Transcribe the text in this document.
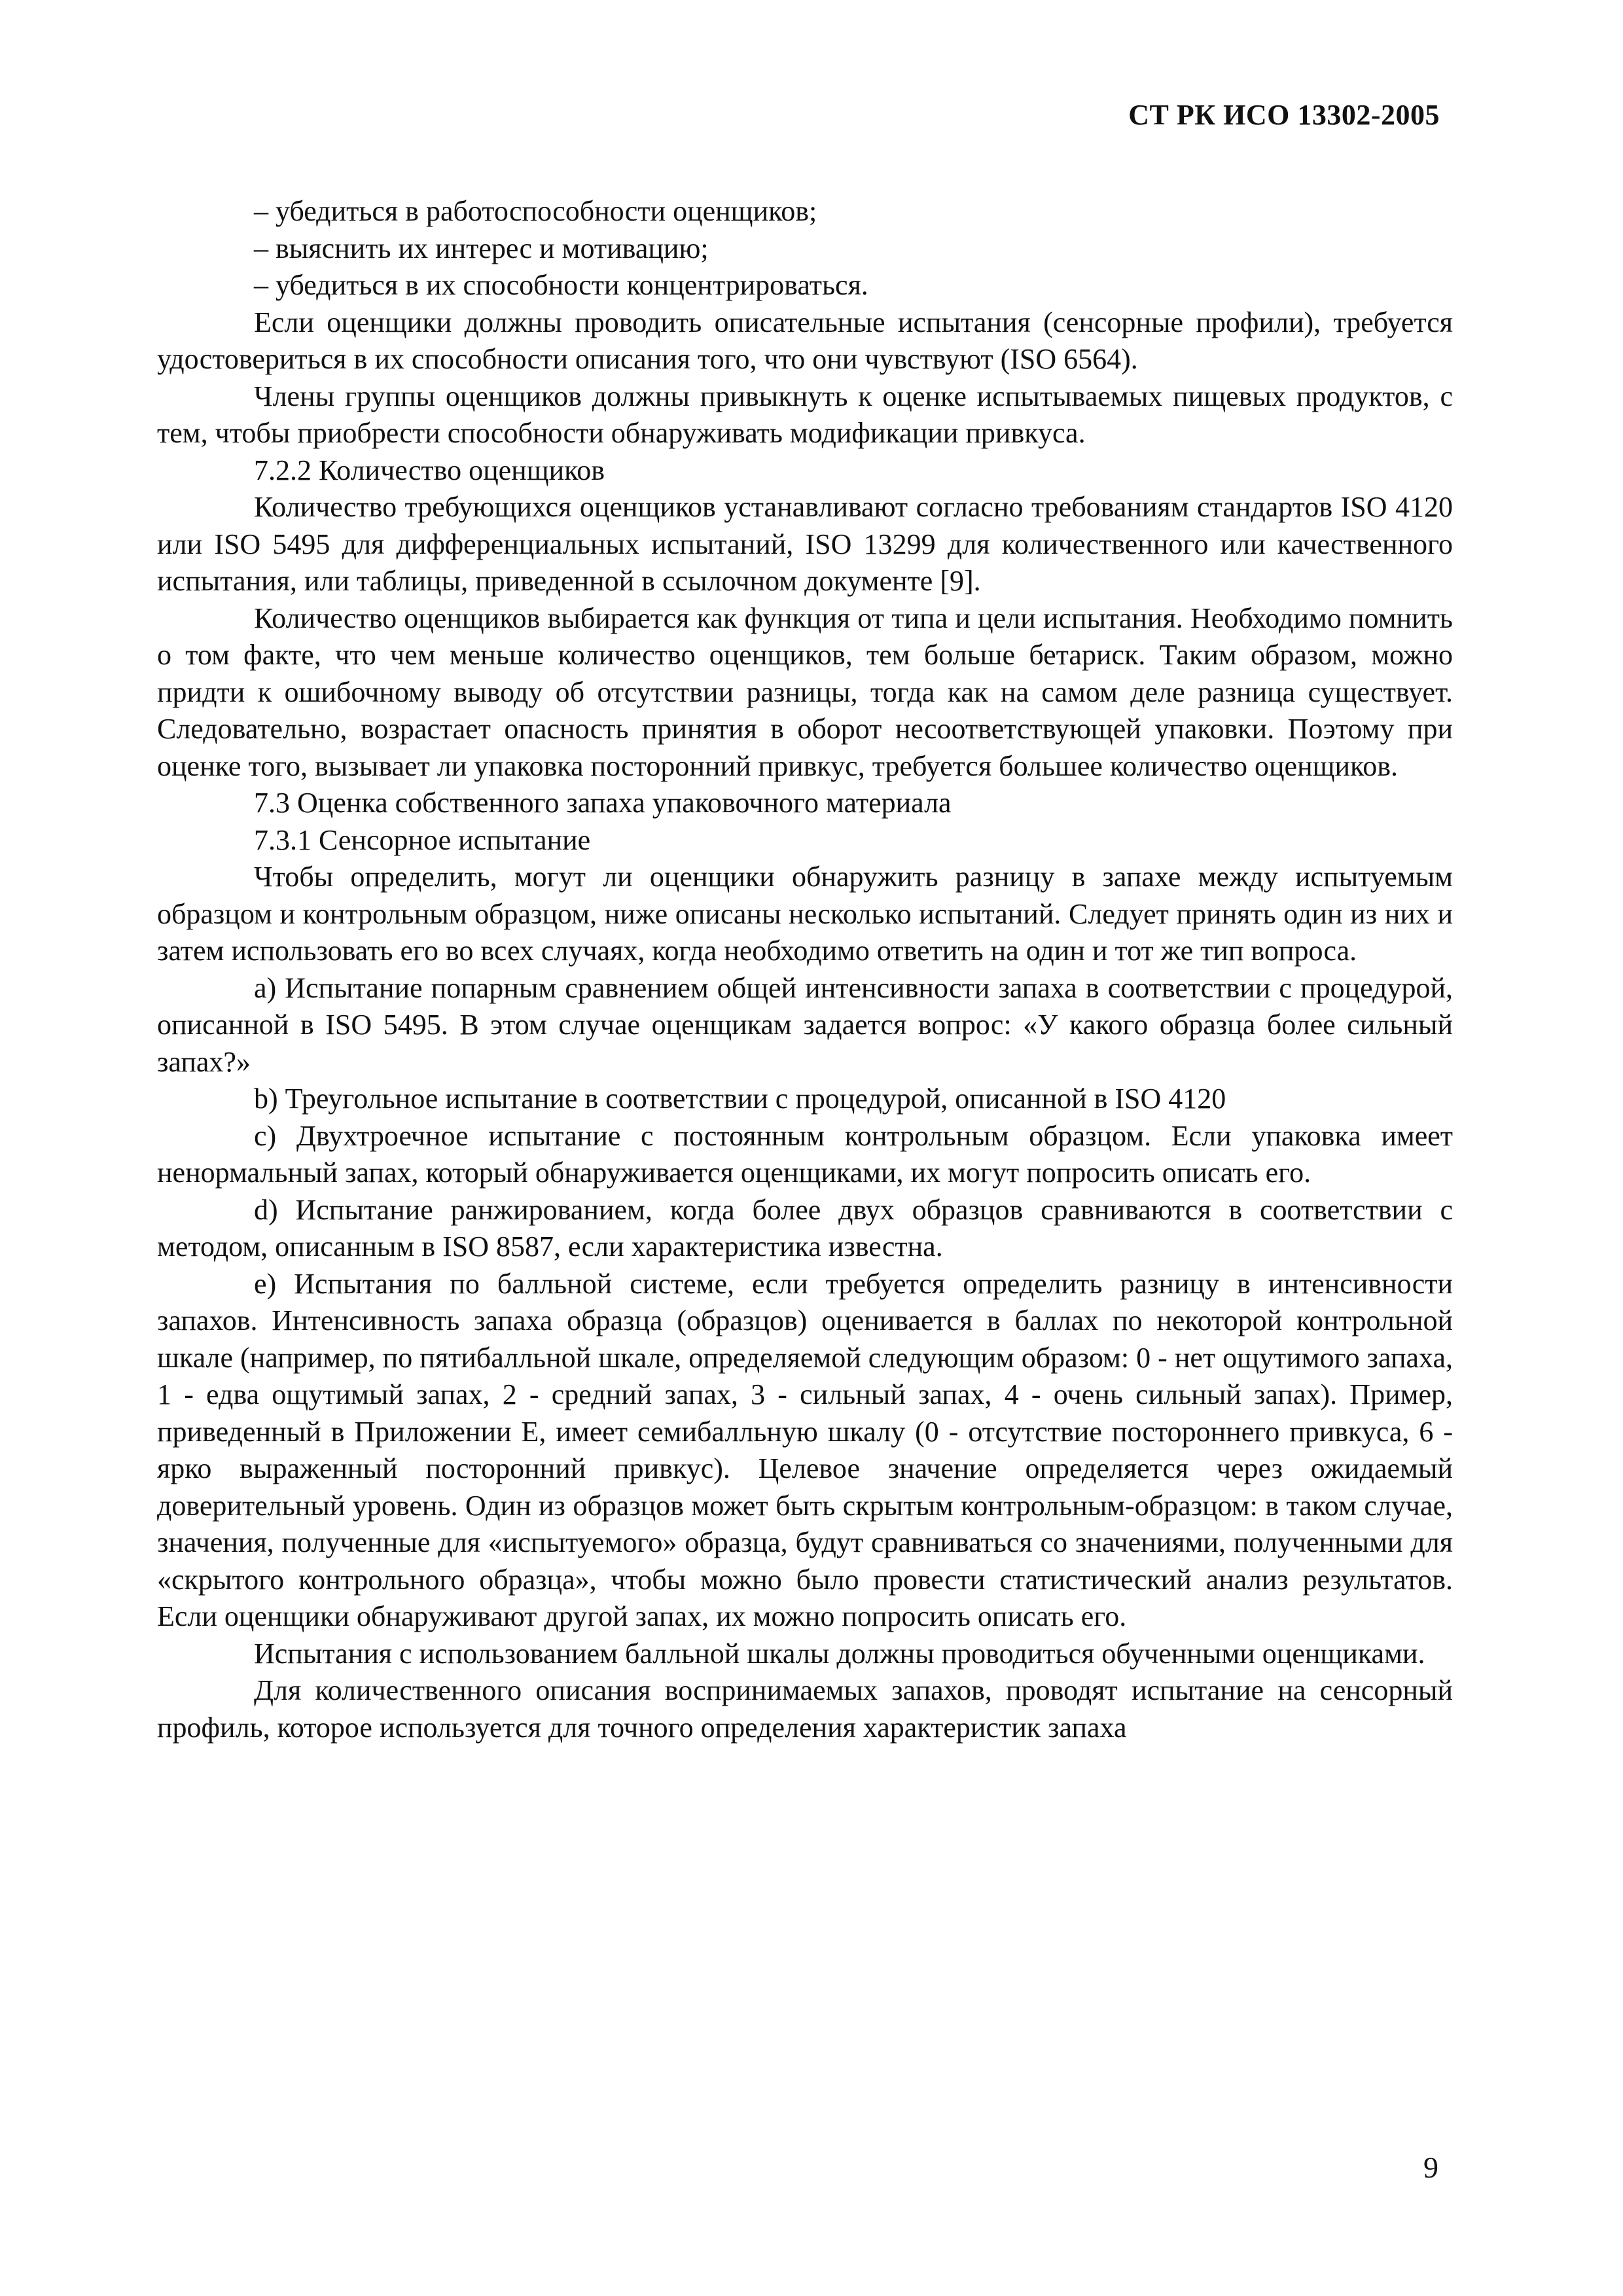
СТ РК ИСО 13302-2005

– убедиться в работоспособности оценщиков;

– выяснить их интерес и мотивацию;

– убедиться в их способности концентрироваться.

Если оценщики должны проводить описательные испытания (сенсорные профили), требуется удостовериться в их способности описания того, что они чувствуют (ISO 6564).

Члены группы оценщиков должны привыкнуть к оценке испытываемых пищевых продуктов, с тем, чтобы приобрести способности обнаруживать модификации привкуса.

7.2.2 Количество оценщиков

Количество требующихся оценщиков устанавливают согласно требованиям стандартов ISO 4120 или ISO 5495 для дифференциальных испытаний, ISO 13299 для количественного или качественного испытания, или таблицы, приведенной в ссылочном документе [9].

Количество оценщиков выбирается как функция от типа и цели испытания. Необходимо помнить о том факте, что чем меньше количество оценщиков, тем больше бетариск. Таким образом, можно придти к ошибочному выводу об отсутствии разницы, тогда как на самом деле разница существует. Следовательно, возрастает опасность принятия в оборот несоответствующей упаковки. Поэтому при оценке того, вызывает ли упаковка посторонний привкус, требуется большее количество оценщиков.

7.3 Оценка собственного запаха упаковочного материала

7.3.1 Сенсорное испытание

Чтобы определить, могут ли оценщики обнаружить разницу в запахе между испытуемым образцом и контрольным образцом, ниже описаны несколько испытаний. Следует принять один из них и затем использовать его во всех случаях, когда необходимо ответить на один и тот же тип вопроса.

a) Испытание попарным сравнением общей интенсивности запаха в соответствии с процедурой, описанной в ISO 5495. В этом случае оценщикам задается вопрос: «У какого образца более сильный запах?»

b) Треугольное испытание в соответствии с процедурой, описанной в ISO 4120

c) Двухтроечное испытание с постоянным контрольным образцом. Если упаковка имеет ненормальный запах, который обнаруживается оценщиками, их могут попросить описать его.

d) Испытание ранжированием, когда более двух образцов сравниваются в соответствии с методом, описанным в ISO 8587, если характеристика известна.

e) Испытания по балльной системе, если требуется определить разницу в интенсивности запахов. Интенсивность запаха образца (образцов) оценивается в баллах по некоторой контрольной шкале (например, по пятибалльной шкале, определяемой следующим образом: 0 - нет ощутимого запаха, 1 - едва ощутимый запах, 2 - средний запах, 3 - сильный запах, 4 - очень сильный запах). Пример, приведенный в Приложении Е, имеет семибалльную шкалу (0 - отсутствие постороннего привкуса, 6 - ярко выраженный посторонний привкус). Целевое значение определяется через ожидаемый доверительный уровень. Один из образцов может быть скрытым контрольным-образцом: в таком случае, значения, полученные для «испытуемого» образца, будут сравниваться со значениями, полученными для «скрытого контрольного образца», чтобы можно было провести статистический анализ результатов. Если оценщики обнаруживают другой запах, их можно попросить описать его.

Испытания с использованием балльной шкалы должны проводиться обученными оценщиками.

Для количественного описания воспринимаемых запахов, проводят испытание на сенсорный профиль, которое используется для точного определения характеристик запаха

9
